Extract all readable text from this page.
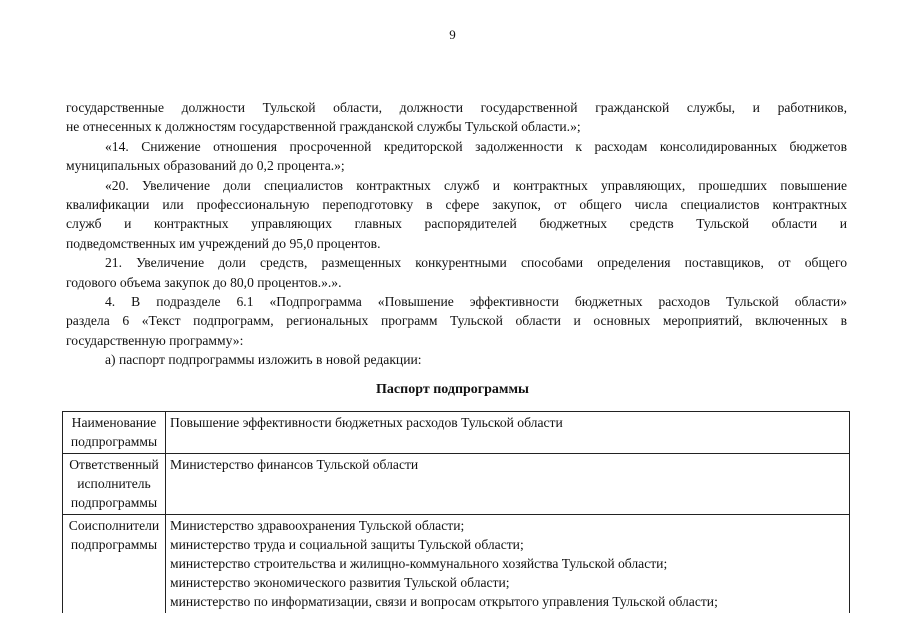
9

государственные должности Тульской области, должности государственной гражданской службы, и работников,

не отнесенных к должностям государственной гражданской службы Тульской области.»;

«14. Снижение отношения просроченной кредиторской задолженности к расходам консолидированных бюджетов

муниципальных образований до 0,2 процента.»;

«20. Увеличение доли специалистов контрактных служб и контрактных управляющих, прошедших повышение

квалификации или профессиональную переподготовку в сфере закупок, от общего числа специалистов контрактных

служб и контрактных управляющих главных распорядителей бюджетных средств Тульской области и

подведомственных им учреждений до 95,0 процентов.

21. Увеличение доли средств, размещенных конкурентными способами определения поставщиков, от общего

годового объема закупок до 80,0 процентов.».».

4. В подразделе 6.1 «Подпрограмма «Повышение эффективности бюджетных расходов Тульской области»

раздела 6 «Текст подпрограмм, региональных программ Тульской области и основных мероприятий, включенных в

государственную программу»:

а) паспорт подпрограммы изложить в новой редакции:

Паспорт подпрограммы
Наименование
подпрограммы	Повышение эффективности бюджетных расходов Тульской области

Ответственный
исполнитель
подпрограммы	Министерство финансов Тульской области

Соисполнители
подпрограммы	Министерство здравоохранения Тульской области;
министерство труда и социальной защиты Тульской области;
министерство строительства и жилищно-коммунального хозяйства Тульской области;
министерство экономического развития Тульской области;
министерство по информатизации, связи и вопросам открытого управления Тульской области;
